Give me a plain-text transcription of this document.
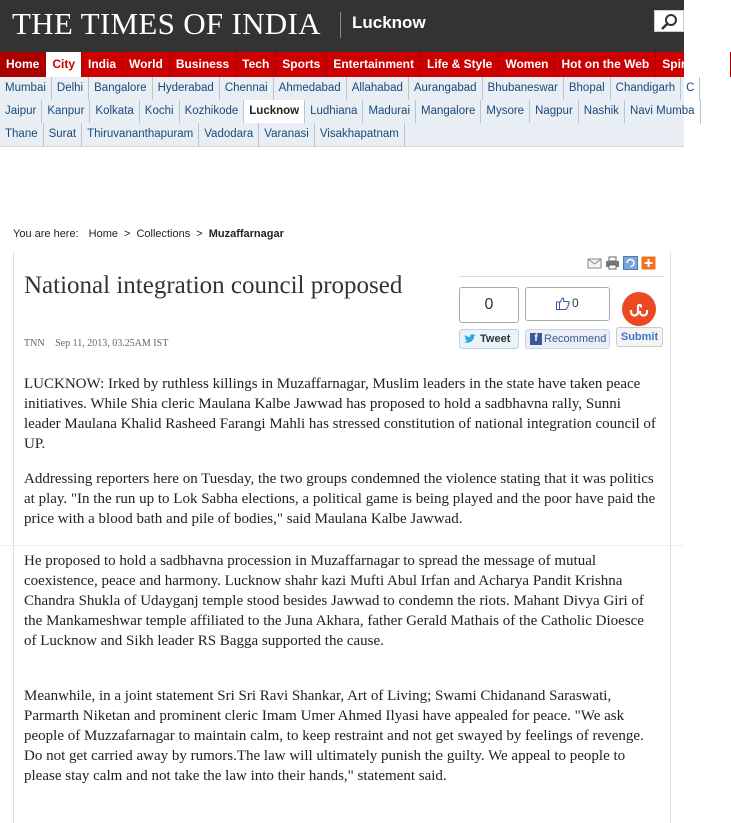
THE TIMES OF INDIA Lucknow
Home	City	India	World	Business	Tech	Sports	Entertainment	Life & Style	Women	Hot on the Web	Spirituality
Mumbai Delhi Bangalore Hyderabad Chennai Ahmedabad Allahabad Aurangabad Bhubaneswar Bhopal Chandigarh C
Jaipur Kanpur Kolkata Kochi Kozhikode Lucknow Ludhiana Madurai Mangalore Mysore Nagpur Nashik Navi Mumba
Thane Surat Thiruvananthapuram Vadodara Varanasi Visakhapatnam
You are here: Home > Collections > Muzaffarnagar
0
Tweet
0
f Recommend	Submit
National integration council proposed
TNN Sep 11, 2013, 03.25AM IST

LUCKNOW: Irked by ruthless killings in Muzaffarnagar, Muslim leaders in the state have taken peace initiatives. While Shia cleric Maulana Kalbe Jawwad has proposed to hold a sadbhavna rally, Sunni leader Maulana Khalid Rasheed Farangi Mahli has stressed constitution of national integration council of UP.

Addressing reporters here on Tuesday, the two groups condemned the violence stating that it was politics at play. "In the run up to Lok Sabha elections, a political game is being played and the poor have paid the price with a blood bath and pile of bodies," said Maulana Kalbe Jawwad.

He proposed to hold a sadbhavna procession in Muzaffarnagar to spread the message of mutual coexistence, peace and harmony. Lucknow shahr kazi Mufti Abul Irfan and Acharya Pandit Krishna Chandra Shukla of Udayganj temple stood besides Jawwad to condemn the riots. Mahant Divya Giri of the Mankameshwar temple affiliated to the Juna Akhara, father Gerald Mathais of the Catholic Dioesce of Lucknow and Sikh leader RS Bagga supported the cause.

Meanwhile, in a joint statement Sri Sri Ravi Shankar, Art of Living; Swami Chidanand Saraswati, Parmarth Niketan and prominent cleric Imam Umer Ahmed Ilyasi have appealed for peace. "We ask people of Muzzafarnagar to maintain calm, to keep restraint and not get swayed by feelings of revenge. Do not get carried away by rumors.The law will ultimately punish the guilty. We appeal to people to please stay calm and not take the law into their hands," statement said.
